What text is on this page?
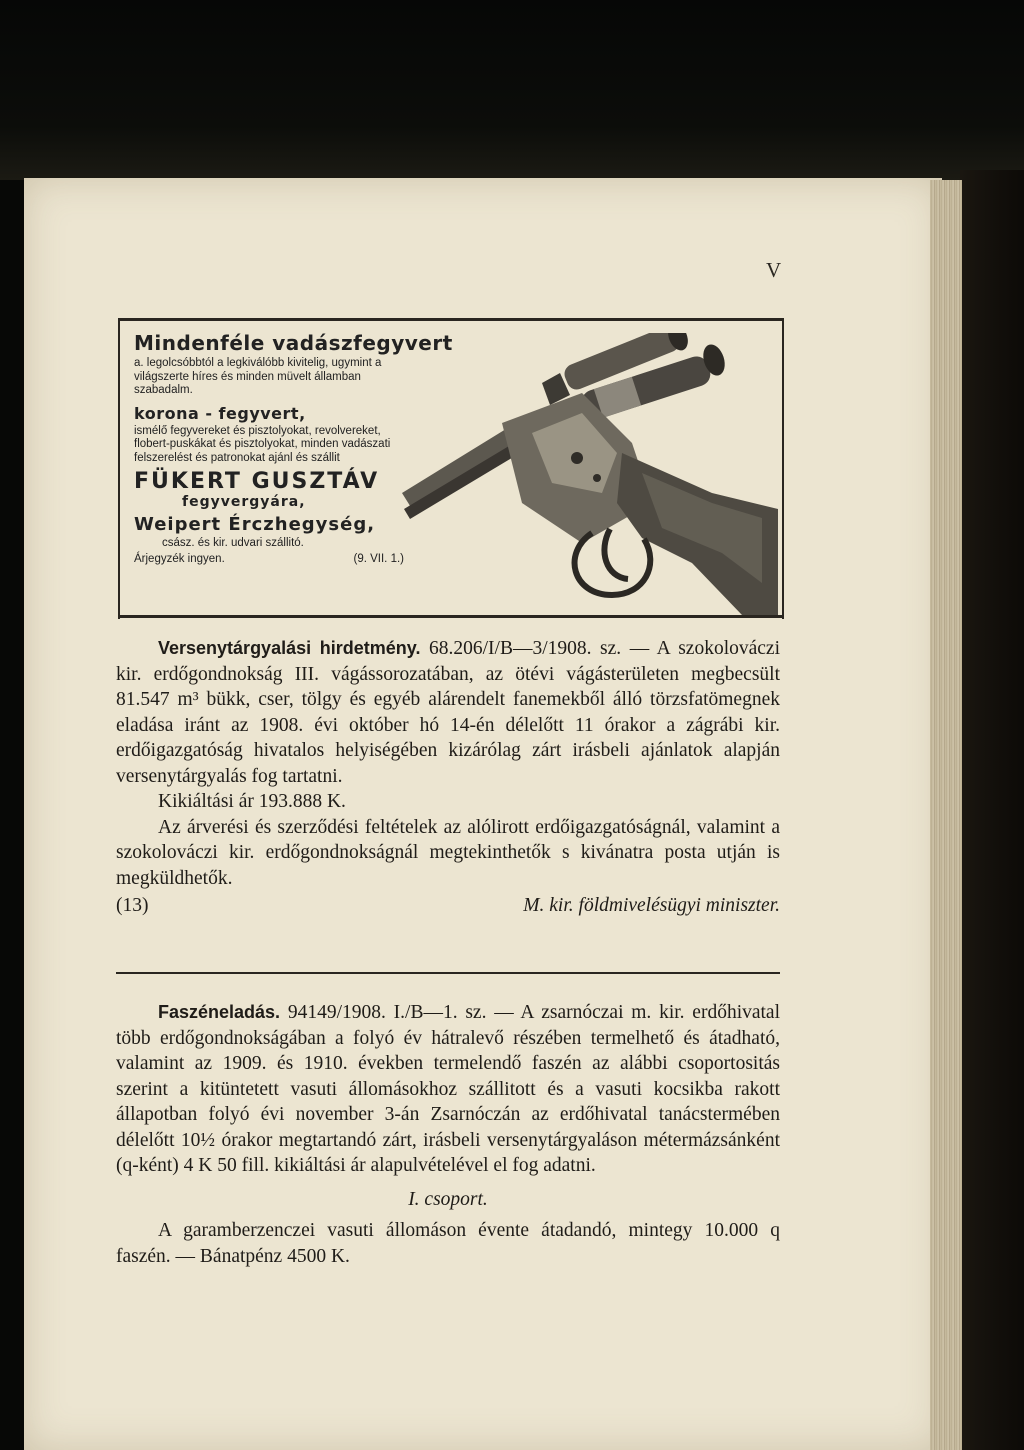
V

Mindenféle vadászfegyvert

a. legolcsóbbtól a legkiválóbb kivitelig, ugymint a világszerte híres és minden müvelt államban szabadalm.

korona - fegyvert,

ismélő fegyvereket és pisztolyokat, revolvereket, flobert-puskákat és pisztolyokat, minden vadászati felszerelést és patronokat ajánl és szállit

FÜKERT GUSZTÁV

fegyvergyára,

Weipert Érczhegység,

csász. és kir. udvari szállitó.

Árjegyzék ingyen.	(9. VII. 1.)

Versenytárgyalási hirdetmény. 68.206/I/B—3/1908. sz. — A szokolováczi kir. erdőgondnokság III. vágássorozatában, az ötévi vágásterületen megbecsült 81.547 m³ bükk, cser, tölgy és egyéb alárendelt fanemekből álló törzsfatömegnek eladása iránt az 1908. évi október hó 14-én délelőtt 11 órakor a zágrábi kir. erdőigazgatóság hivatalos helyiségében kizárólag zárt irásbeli ajánlatok alapján versenytárgyalás fog tartatni.

Kikiáltási ár 193.888 K.

Az árverési és szerződési feltételek az alólirott erdőigazgatóságnál, valamint a szokolováczi kir. erdőgondnokságnál megtekinthetők s kivánatra posta utján is megküldhetők.

(13)	M. kir. földmivelésügyi miniszter.

Faszéneladás. 94149/1908. I./B—1. sz. — A zsarnóczai m. kir. erdőhivatal több erdőgondnokságában a folyó év hátralevő részében termelhető és átadható, valamint az 1909. és 1910. években termelendő faszén az alábbi csoportositás szerint a kitüntetett vasuti állomásokhoz szállitott és a vasuti kocsikba rakott állapotban folyó évi november 3-án Zsarnóczán az erdőhivatal tanácstermében délelőtt 10½ órakor megtartandó zárt, irásbeli versenytárgyaláson métermázsánként (q-ként) 4 K 50 fill. kikiáltási ár alapulvételével el fog adatni.

I. csoport.

A garamberzenczei vasuti állomáson évente átadandó, mintegy 10.000 q faszén. — Bánatpénz 4500 K.
